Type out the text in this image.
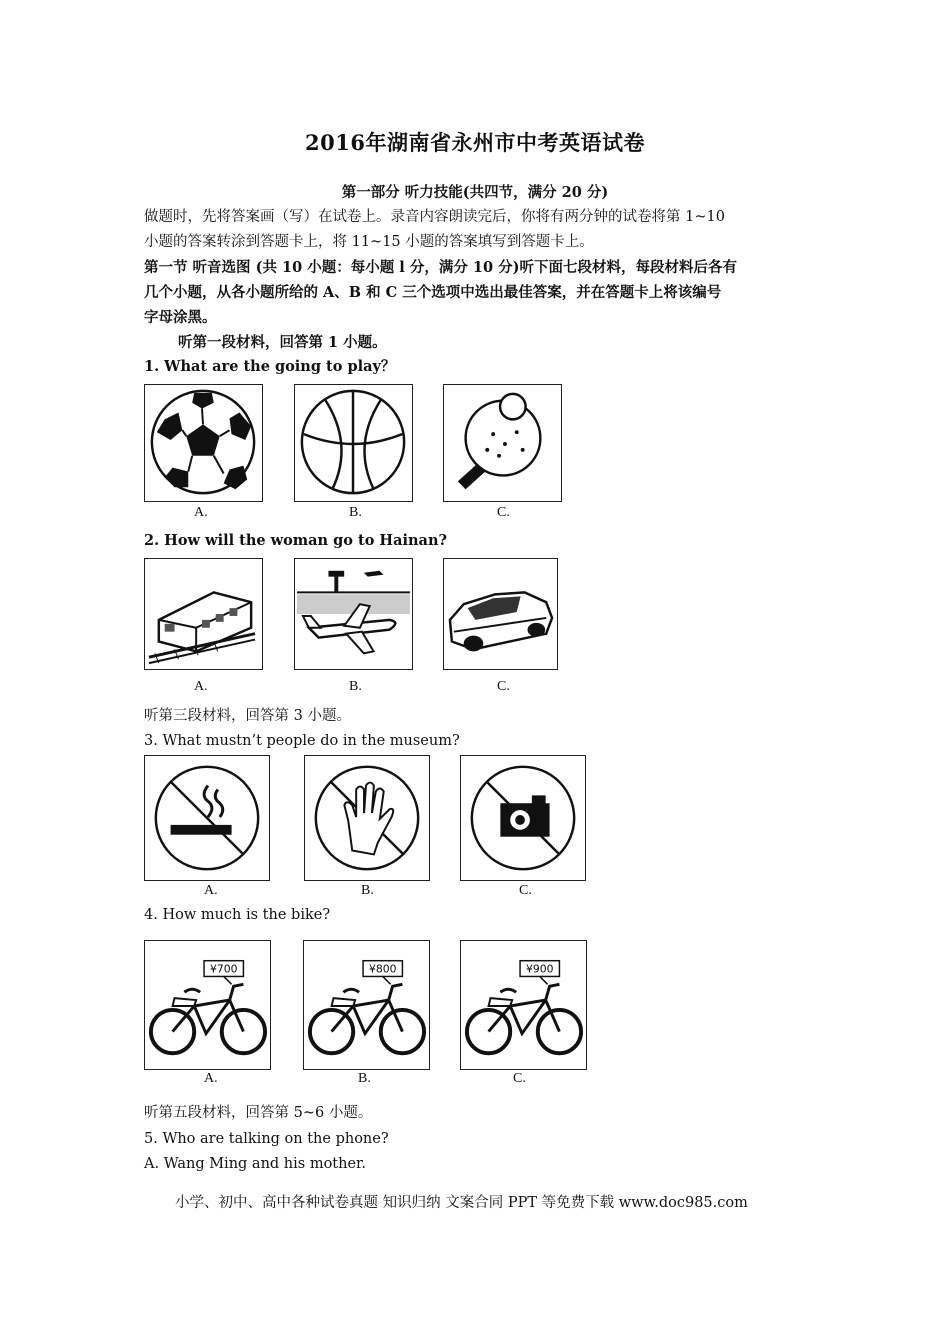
2016年湖南省永州市中考英语试卷
第一部分 听力技能(共四节，满分 20 分)
做题时，先将答案画（写）在试卷上。录音内容朗读完后，你将有两分钟的试卷将第 1~10
小题的答案转涂到答题卡上，将 11~15 小题的答案填写到答题卡上。
第一节 听音选图 (共 10 小题：每小题 l 分，满分 10 分)听下面七段材料，每段材料后各有
几个小题，从各小题所给的 A、B 和 C 三个选项中选出最佳答案，并在答题卡上将该编号
字母涂黑。
听第一段材料，回答第 1 小题。
1. What are the going to play？
A.	B.	C.
2. How will the woman go to Hainan?
A.	B.	C.
听第三段材料，回答第 3 小题。
3. What mustn’t people do in the museum?
A.	B.	C.
4. How much is the bike?
¥700	¥800	¥900
A.	B.	C.
听第五段材料，回答第 5~6 小题。
5. Who are talking on the phone?
A. Wang Ming and his mother.
小学、初中、高中各种试卷真题 知识归纳 文案合同 PPT 等免费下载 www.doc985.com
